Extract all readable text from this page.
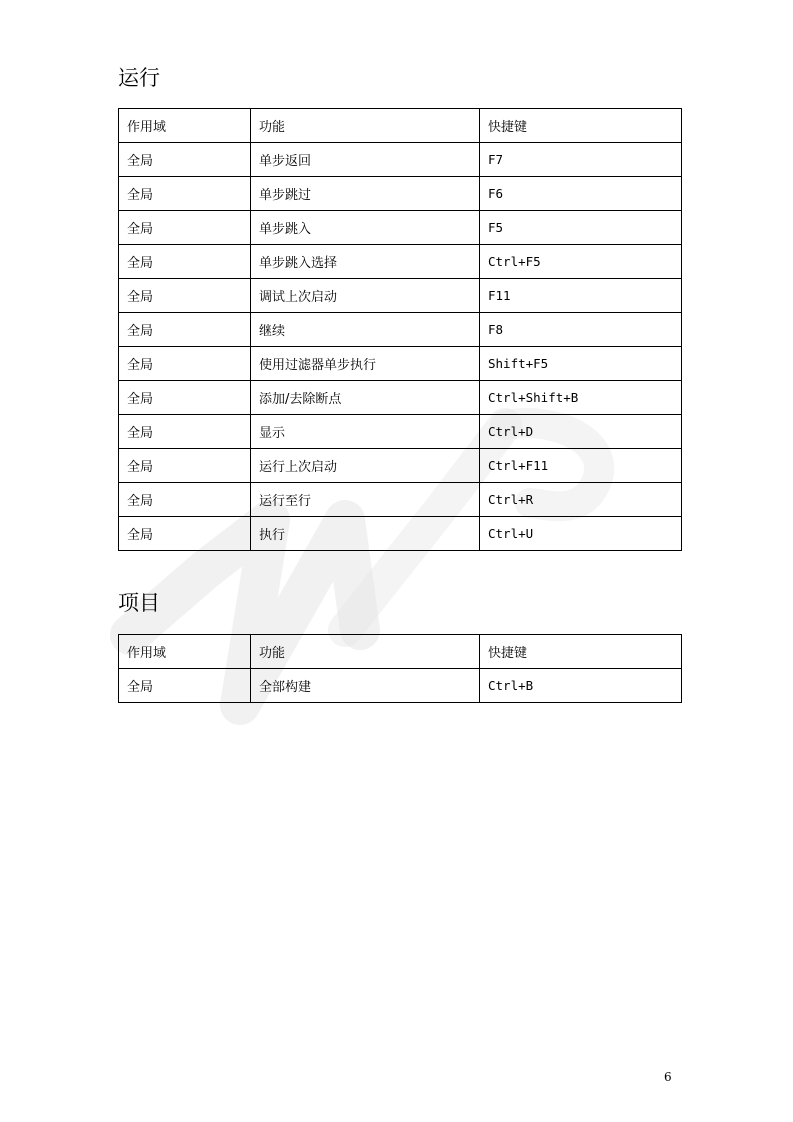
运行
作用域	功能	快捷键
全局	单步返回	F7
全局	单步跳过	F6
全局	单步跳入	F5
全局	单步跳入选择	Ctrl+F5
全局	调试上次启动	F11
全局	继续	F8
全局	使用过滤器单步执行	Shift+F5
全局	添加/去除断点	Ctrl+Shift+B
全局	显示	Ctrl+D
全局	运行上次启动	Ctrl+F11
全局	运行至行	Ctrl+R
全局	执行	Ctrl+U
项目
作用域	功能	快捷键
全局	全部构建	Ctrl+B
6
